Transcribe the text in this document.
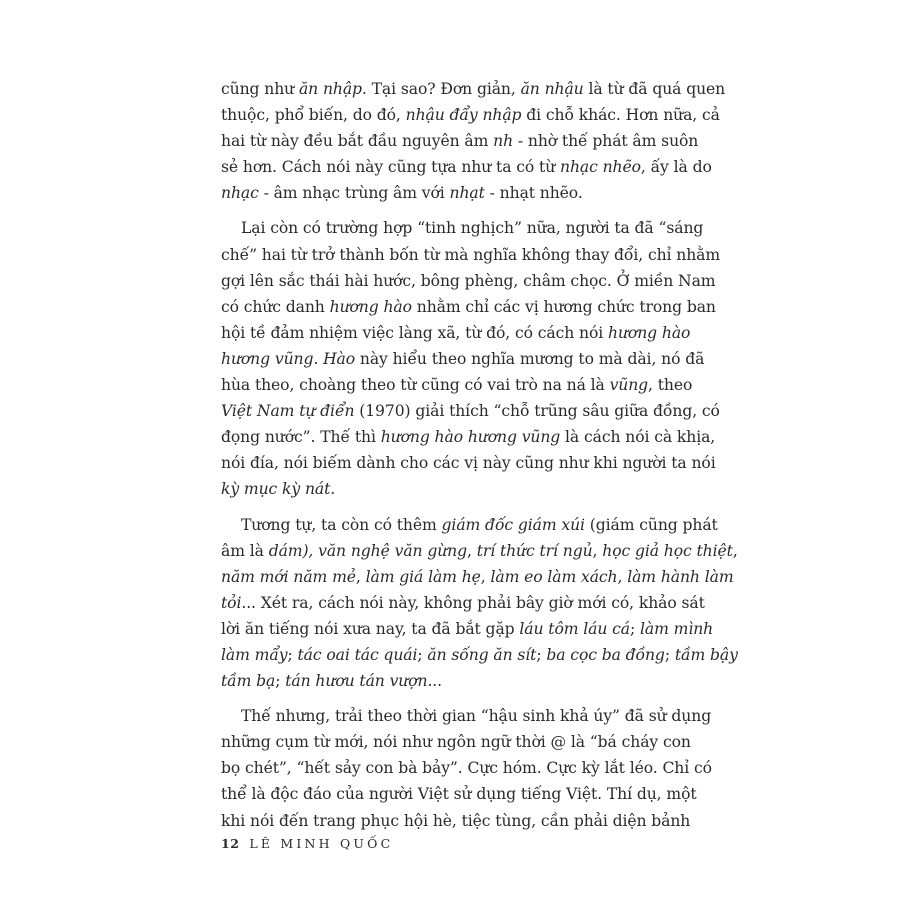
cũng như ăn nhập. Tại sao? Đơn giản, ăn nhậu là từ đã quá quen
thuộc, phổ biến, do đó, nhậu đẩy nhập đi chỗ khác. Hơn nữa, cả
hai từ này đều bắt đầu nguyên âm nh - nhờ thế phát âm suôn
sẻ hơn. Cách nói này cũng tựa như ta có từ nhạc nhẽo, ấy là do
nhạc - âm nhạc trùng âm với nhạt - nhạt nhẽo.

Lại còn có trường hợp “tinh nghịch” nữa, người ta đã “sáng
chế” hai từ trở thành bốn từ mà nghĩa không thay đổi, chỉ nhằm
gợi lên sắc thái hài hước, bông phèng, châm chọc. Ở miền Nam
có chức danh hương hào nhằm chỉ các vị hương chức trong ban
hội tề đảm nhiệm việc làng xã, từ đó, có cách nói hương hào
hương vũng. Hào này hiểu theo nghĩa mương to mà dài, nó đã
hùa theo, choàng theo từ cũng có vai trò na ná là vũng, theo
Việt Nam tự điển (1970) giải thích “chỗ trũng sâu giữa đồng, có
đọng nước”. Thế thì hương hào hương vũng là cách nói cà khịa,
nói đía, nói biếm dành cho các vị này cũng như khi người ta nói
kỳ mục kỳ nát.

Tương tự, ta còn có thêm giám đốc giám xúi (giám cũng phát
âm là dám), văn nghệ văn gừng, trí thức trí ngủ, học giả học thiệt,
năm mới năm mẻ, làm giá làm hẹ, làm eo làm xách, làm hành làm
tỏi... Xét ra, cách nói này, không phải bây giờ mới có, khảo sát
lời ăn tiếng nói xưa nay, ta đã bắt gặp láu tôm láu cá; làm mình
làm mẩy; tác oai tác quái; ăn sống ăn sít; ba cọc ba đồng; tầm bậy
tầm bạ; tán hươu tán vượn...

Thế nhưng, trải theo thời gian “hậu sinh khả úy” đã sử dụng
những cụm từ mới, nói như ngôn ngữ thời @ là “bá cháy con
bọ chét”, “hết sảy con bà bảy”. Cực hóm. Cực kỳ lắt léo. Chỉ có
thể là độc đáo của người Việt sử dụng tiếng Việt. Thí dụ, một
khi nói đến trang phục hội hè, tiệc tùng, cần phải diện bảnh

12 LÊ MINH QUỐC
